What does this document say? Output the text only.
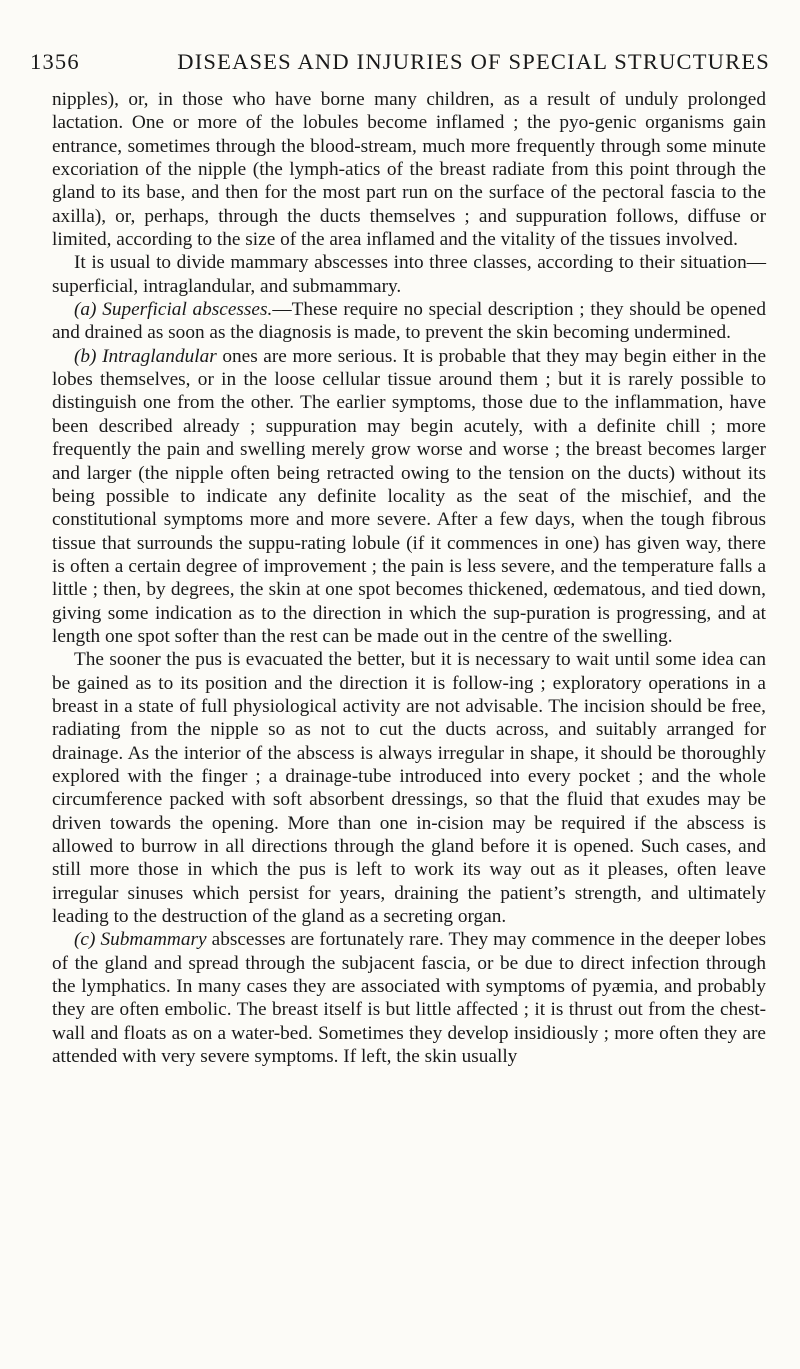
1356	DISEASES AND INJURIES OF SPECIAL STRUCTURES

nipples), or, in those who have borne many children, as a result of unduly prolonged lactation. One or more of the lobules become inflamed ; the pyo-genic organisms gain entrance, sometimes through the blood-stream, much more frequently through some minute excoriation of the nipple (the lymph-atics of the breast radiate from this point through the gland to its base, and then for the most part run on the surface of the pectoral fascia to the axilla), or, perhaps, through the ducts themselves ; and suppuration follows, diffuse or limited, according to the size of the area inflamed and the vitality of the tissues involved.

It is usual to divide mammary abscesses into three classes, according to their situation—superficial, intraglandular, and submammary.

(a) Superficial abscesses.—These require no special description ; they should be opened and drained as soon as the diagnosis is made, to prevent the skin becoming undermined.

(b) Intraglandular ones are more serious. It is probable that they may begin either in the lobes themselves, or in the loose cellular tissue around them ; but it is rarely possible to distinguish one from the other. The earlier symptoms, those due to the inflammation, have been described already ; suppuration may begin acutely, with a definite chill ; more frequently the pain and swelling merely grow worse and worse ; the breast becomes larger and larger (the nipple often being retracted owing to the tension on the ducts) without its being possible to indicate any definite locality as the seat of the mischief, and the constitutional symptoms more and more severe. After a few days, when the tough fibrous tissue that surrounds the suppu-rating lobule (if it commences in one) has given way, there is often a certain degree of improvement ; the pain is less severe, and the temperature falls a little ; then, by degrees, the skin at one spot becomes thickened, œdematous, and tied down, giving some indication as to the direction in which the sup-puration is progressing, and at length one spot softer than the rest can be made out in the centre of the swelling.

The sooner the pus is evacuated the better, but it is necessary to wait until some idea can be gained as to its position and the direction it is follow-ing ; exploratory operations in a breast in a state of full physiological activity are not advisable. The incision should be free, radiating from the nipple so as not to cut the ducts across, and suitably arranged for drainage. As the interior of the abscess is always irregular in shape, it should be thoroughly explored with the finger ; a drainage-tube introduced into every pocket ; and the whole circumference packed with soft absorbent dressings, so that the fluid that exudes may be driven towards the opening. More than one in-cision may be required if the abscess is allowed to burrow in all directions through the gland before it is opened. Such cases, and still more those in which the pus is left to work its way out as it pleases, often leave irregular sinuses which persist for years, draining the patient’s strength, and ultimately leading to the destruction of the gland as a secreting organ.

(c) Submammary abscesses are fortunately rare. They may commence in the deeper lobes of the gland and spread through the subjacent fascia, or be due to direct infection through the lymphatics. In many cases they are associated with symptoms of pyæmia, and probably they are often embolic. The breast itself is but little affected ; it is thrust out from the chest-wall and floats as on a water-bed. Sometimes they develop insidiously ; more often they are attended with very severe symptoms. If left, the skin usually
